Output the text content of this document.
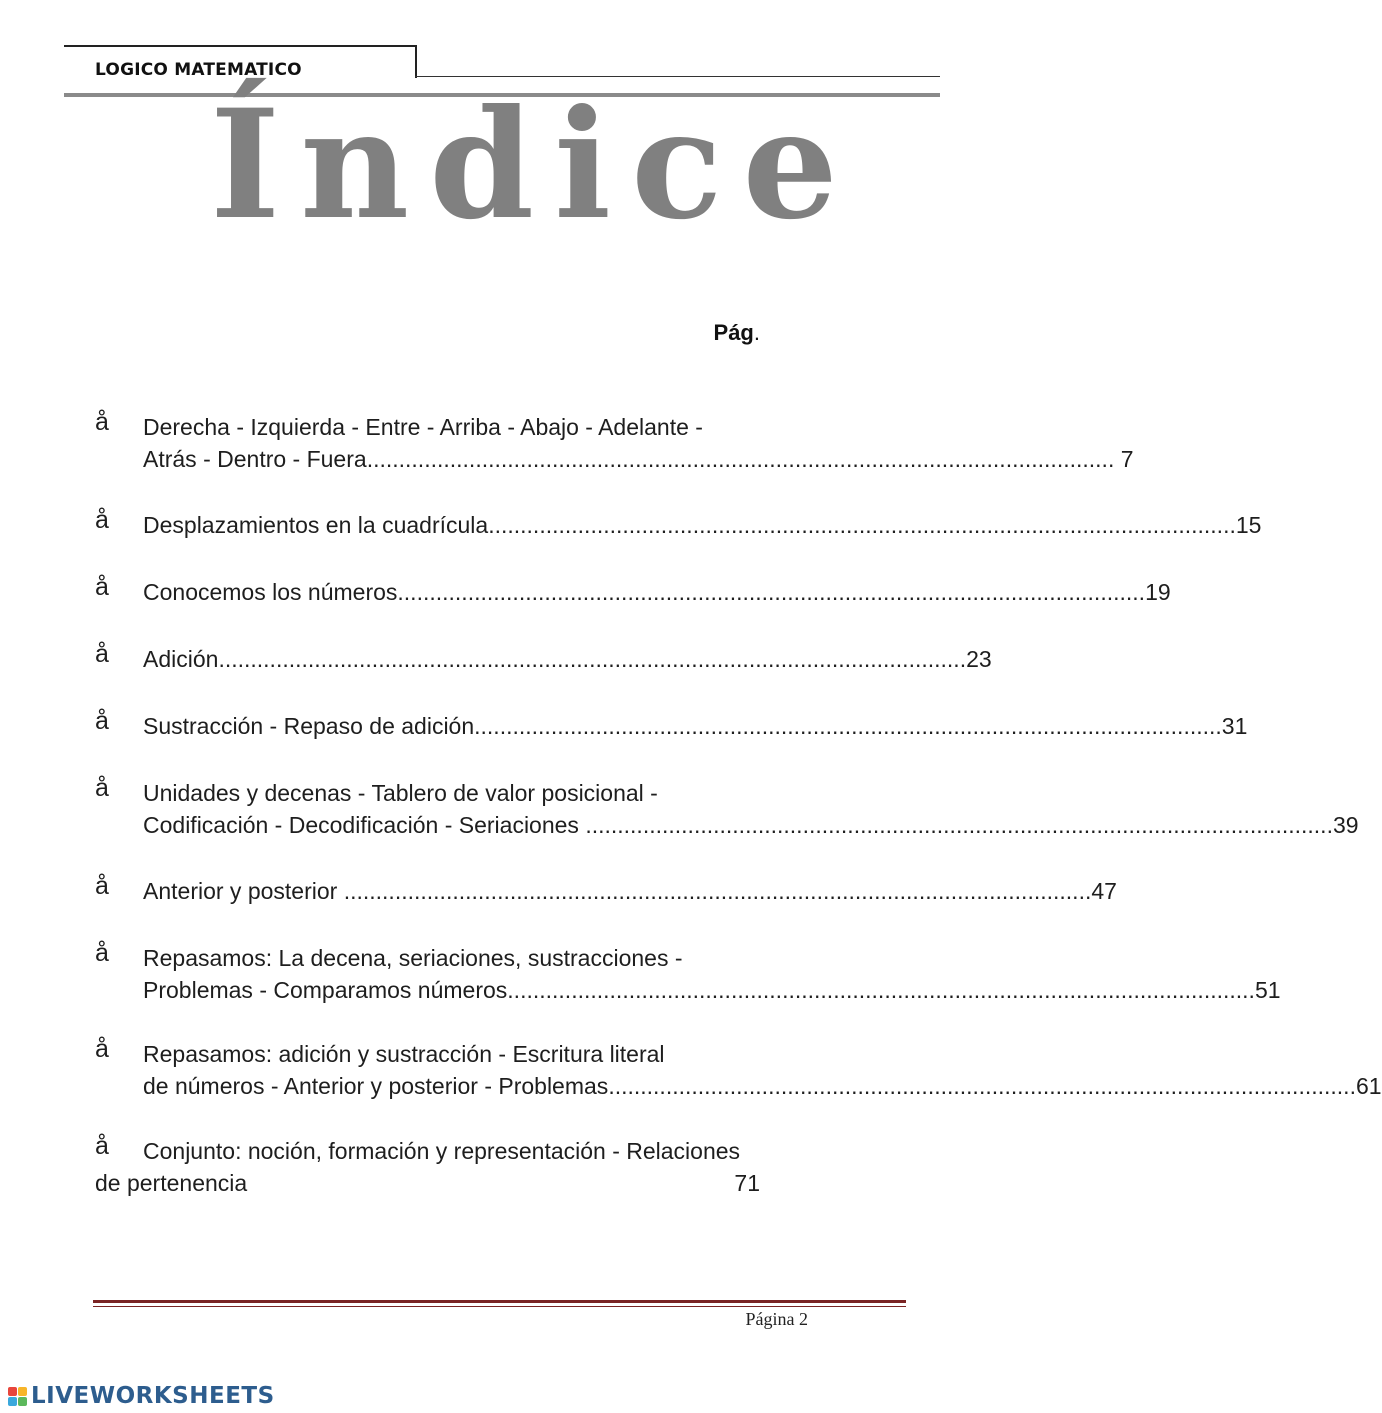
LOGICO MATEMATICO
Índice
Pág.
å Derecha - Izquierda - Entre - Arriba - Abajo - Adelante -
Atrás - Dentro - Fuera ..................................................................................................................... 7
å Desplazamientos en la cuadrícula ..................................................................................................................... 15
å Conocemos los números ..................................................................................................................... 19
å Adición ..................................................................................................................... 23
å Sustracción - Repaso de adición ..................................................................................................................... 31
å Unidades y decenas - Tablero de valor posicional -
Codificación - Decodificación - Seriaciones ..................................................................................................................... 39
å Anterior y posterior ..................................................................................................................... 47
å Repasamos: La decena, seriaciones, sustracciones -
Problemas - Comparamos números ..................................................................................................................... 51
å Repasamos: adición y sustracción - Escritura literal
de números - Anterior y posterior - Problemas ..................................................................................................................... 61
å Conjunto: noción, formación y representación - Relaciones
de pertenencia	71
Página 2
LIVEWORKSHEETS
